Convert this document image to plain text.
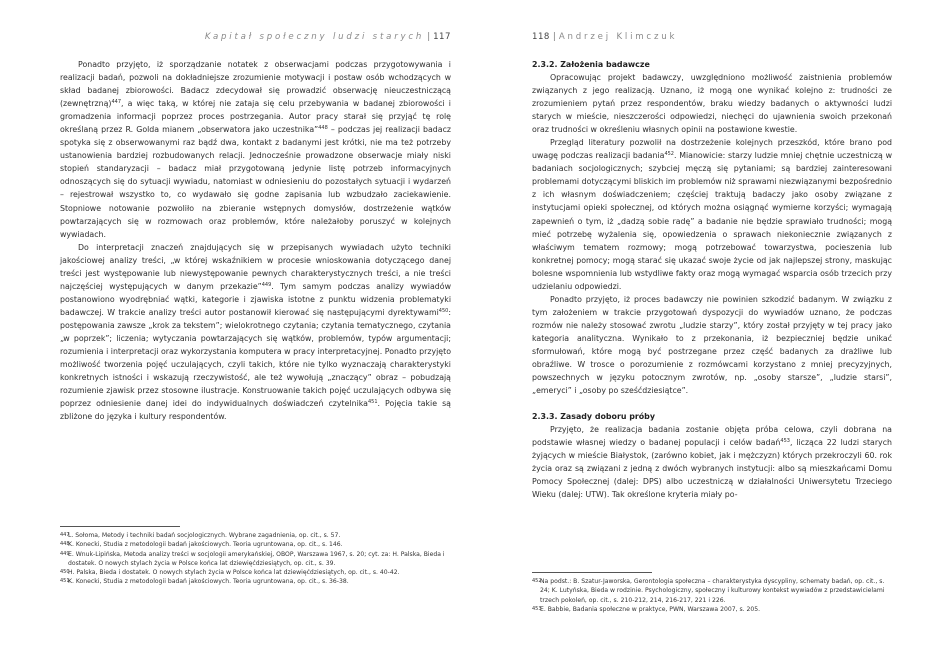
Kapitał społeczny ludzi starych | 117

Ponadto przyjęto, iż sporządzanie notatek z obserwacjami podczas przygotowywania i realizacji badań, pozwoli na dokładniejsze zrozumienie motywacji i postaw osób wchodzących w skład badanej zbiorowości. Badacz zdecydował się prowadzić obserwację nieuczestniczącą (zewnętrzną)$^{447}$, a więc taką, w której nie zataja się celu przebywania w badanej zbiorowości i gromadzenia informacji poprzez proces postrzegania. Autor pracy starał się przyjąć tę rolę określaną przez R. Golda mianem „obserwatora jako uczestnika”$^{448}$ – podczas jej realizacji badacz spotyka się z obserwowanymi raz bądź dwa, kontakt z badanymi jest krótki, nie ma też potrzeby ustanowienia bardziej rozbudowanych relacji. Jednocześnie prowadzone obserwacje miały niski stopień standaryzacji – badacz miał przygotowaną jedynie listę potrzeb informacyjnych odnoszących się do sytuacji wywiadu, natomiast w odniesieniu do pozostałych sytuacji i wydarzeń – rejestrował wszystko to, co wydawało się godne zapisania lub wzbudzało zaciekawienie. Stopniowe notowanie pozwoliło na zbieranie wstępnych domysłów, dostrzeżenie wątków powtarzających się w rozmowach oraz problemów, które należałoby poruszyć w kolejnych wywiadach.

Do interpretacji znaczeń znajdujących się w przepisanych wywiadach użyto techniki jakościowej analizy treści, „w której wskaźnikiem w procesie wnioskowania dotyczącego danej treści jest występowanie lub niewystępowanie pewnych charakterystycznych treści, a nie treści najczęściej występujących w danym przekazie”$^{449}$. Tym samym podczas analizy wywiadów postanowiono wyodrębniać wątki, kategorie i zjawiska istotne z punktu widzenia problematyki badawczej. W trakcie analizy treści autor postanowił kierować się następującymi dyrektywami$^{450}$: postępowania zawsze „krok za tekstem”; wielokrotnego czytania; czytania tematycznego, czytania „w poprzek”; liczenia; wytyczania powtarzających się wątków, problemów, typów argumentacji; rozumienia i interpretacji oraz wykorzystania komputera w pracy interpretacyjnej. Ponadto przyjęto możliwość tworzenia pojęć uczulających, czyli takich, które nie tylko wyznaczają charakterystyki konkretnych istności i wskazują rzeczywistość, ale też wywołują „znaczący” obraz – pobudzają rozumienie zjawisk przez stosowne ilustracje. Konstruowanie takich pojęć uczulających odbywa się poprzez odniesienie danej idei do indywidualnych doświadczeń czytelnika$^{451}$. Pojęcia takie są zbliżone do języka i kultury respondentów.

447L. Sołoma, Metody i techniki badań socjologicznych. Wybrane zagadnienia, op. cit., s. 57.

448K. Konecki, Studia z metodologii badań jakościowych. Teoria ugruntowana, op. cit., s. 146.

449E. Wnuk-Lipińska, Metoda analizy treści w socjologii amerykańskiej, OBOP, Warszawa 1967, s. 20; cyt. za: H. Palska, Bieda i dostatek. O nowych stylach życia w Polsce końca lat dziewięćdziesiątych, op. cit., s. 39.

450H. Palska, Bieda i dostatek. O nowych stylach życia w Polsce końca lat dziewięćdziesiątych, op. cit., s. 40-42.

451K. Konecki, Studia z metodologii badań jakościowych. Teoria ugruntowana, op. cit., s. 36-38.

118 | Andrzej Klimczuk
2.3.2. Założenia badawcze

Opracowując projekt badawczy, uwzględniono możliwość zaistnienia problemów związanych z jego realizacją. Uznano, iż mogą one wynikać kolejno z: trudności ze zrozumieniem pytań przez respondentów, braku wiedzy badanych o aktywności ludzi starych w mieście, nieszczerości odpowiedzi, niechęci do ujawnienia swoich przekonań oraz trudności w określeniu własnych opinii na postawione kwestie.

Przegląd literatury pozwolił na dostrzeżenie kolejnych przeszkód, które brano pod uwagę podczas realizacji badania$^{452}$. Mianowicie: starzy ludzie mniej chętnie uczestniczą w badaniach socjologicznych; szybciej męczą się pytaniami; są bardziej zainteresowani problemami dotyczącymi bliskich im problemów niż sprawami niezwiązanymi bezpośrednio z ich własnym doświadczeniem; częściej traktują badaczy jako osoby związane z instytucjami opieki społecznej, od których można osiągnąć wymierne korzyści; wymagają zapewnień o tym, iż „dadzą sobie radę” a badanie nie będzie sprawiało trudności; mogą mieć potrzebę wyżalenia się, opowiedzenia o sprawach niekoniecznie związanych z właściwym tematem rozmowy; mogą potrzebować towarzystwa, pocieszenia lub konkretnej pomocy; mogą starać się ukazać swoje życie od jak najlepszej strony, maskując bolesne wspomnienia lub wstydliwe fakty oraz mogą wymagać wsparcia osób trzecich przy udzielaniu odpowiedzi.

Ponadto przyjęto, iż proces badawczy nie powinien szkodzić badanym. W związku z tym założeniem w trakcie przygotowań dyspozycji do wywiadów uznano, że podczas rozmów nie należy stosować zwrotu „ludzie starzy”, który został przyjęty w tej pracy jako kategoria analityczna. Wynikało to z przekonania, iż bezpieczniej będzie unikać sformułowań, które mogą być postrzegane przez część badanych za drażliwe lub obraźliwe. W trosce o porozumienie z rozmówcami korzystano z mniej precyzyjnych, powszechnych w języku potocznym zwrotów, np. „osoby starsze”, „ludzie starsi”, „emeryci” i „osoby po sześćdziesiątce”.

2.3.3. Zasady doboru próby

Przyjęto, że realizacja badania zostanie objęta próba celowa, czyli dobrana na podstawie własnej wiedzy o badanej populacji i celów badań$^{453}$, licząca 22 ludzi starych żyjących w mieście Białystok, (zarówno kobiet, jak i mężczyzn) których przekroczyli 60. rok życia oraz są związani z jedną z dwóch wybranych instytucji: albo są mieszkańcami Domu Pomocy Społecznej (dalej: DPS) albo uczestniczą w działalności Uniwersytetu Trzeciego Wieku (dalej: UTW). Tak określone kryteria miały po-

452Na podst.: B. Szatur-Jaworska, Gerontologia społeczna – charakterystyka dyscypliny, schematy badań, op. cit., s. 24; K. Lutyńska, Bieda w rodzinie. Psychologiczny, społeczny i kulturowy kontekst wywiadów z przedstawicielami trzech pokoleń, op. cit., s. 210-212, 214, 216-217, 221 i 226.

453E. Babbie, Badania społeczne w praktyce, PWN, Warszawa 2007, s. 205.
